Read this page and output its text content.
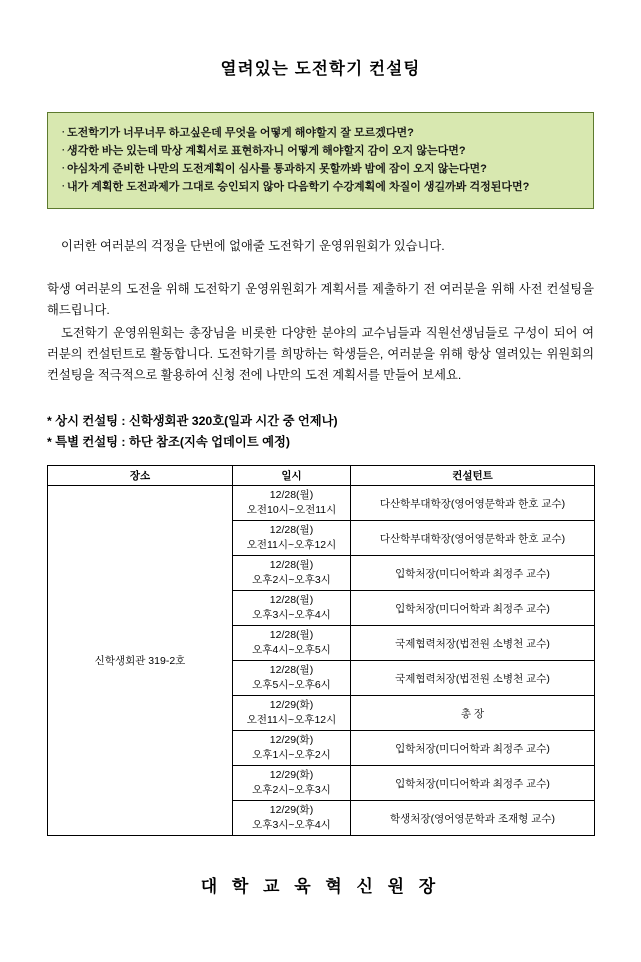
열려있는 도전학기 컨설팅
· 도전학기가 너무너무 하고싶은데 무엇을 어떻게 해야할지 잘 모르겠다면?
· 생각한 바는 있는데 막상 계획서로 표현하자니 어떻게 해야할지 감이 오지 않는다면?
· 야심차게 준비한 나만의 도전계획이 심사를 통과하지 못할까봐 밤에 잠이 오지 않는다면?
· 내가 계획한 도전과제가 그대로 승인되지 않아 다음학기 수강계획에 차질이 생길까봐 걱정된다면?

이러한 여러분의 걱정을 단번에 없애줄 도전학기 운영위원회가 있습니다.

학생 여러분의 도전을 위해 도전학기 운영위원회가 계획서를 제출하기 전 여러분을 위해 사전 컨설팅을 해드립니다.

도전학기 운영위원회는 총장님을 비롯한 다양한 분야의 교수님들과 직원선생님들로 구성이 되어 여러분의 컨설턴트로 활동합니다. 도전학기를 희망하는 학생들은, 여러분을 위해 항상 열려있는 위원회의 컨설팅을 적극적으로 활용하여 신청 전에 나만의 도전 계획서를 만들어 보세요.

* 상시 컨설팅 : 신학생회관 320호(일과 시간 중 언제나)
* 특별 컨설팅 : 하단 참조(지속 업데이트 예정)
장소	일시	컨설턴트
신학생회관 319-2호	12/28(월)
오전10시~오전11시	다산학부대학장(영어영문학과 한호 교수)

	12/28(월)
오전11시~오후12시	다산학부대학장(영어영문학과 한호 교수)

	12/28(월)
오후2시~오후3시	입학처장(미디어학과 최정주 교수)

	12/28(월)
오후3시~오후4시	입학처장(미디어학과 최정주 교수)

	12/28(월)
오후4시~오후5시	국제협력처장(법전원 소병천 교수)

	12/28(월)
오후5시~오후6시	국제협력처장(법전원 소병천 교수)

	12/29(화)
오전11시~오후12시	총 장

	12/29(화)
오후1시~오후2시	입학처장(미디어학과 최정주 교수)

	12/29(화)
오후2시~오후3시	입학처장(미디어학과 최정주 교수)

	12/29(화)
오후3시~오후4시	학생처장(영어영문학과 조재형 교수)
대 학 교 육 혁 신 원 장
